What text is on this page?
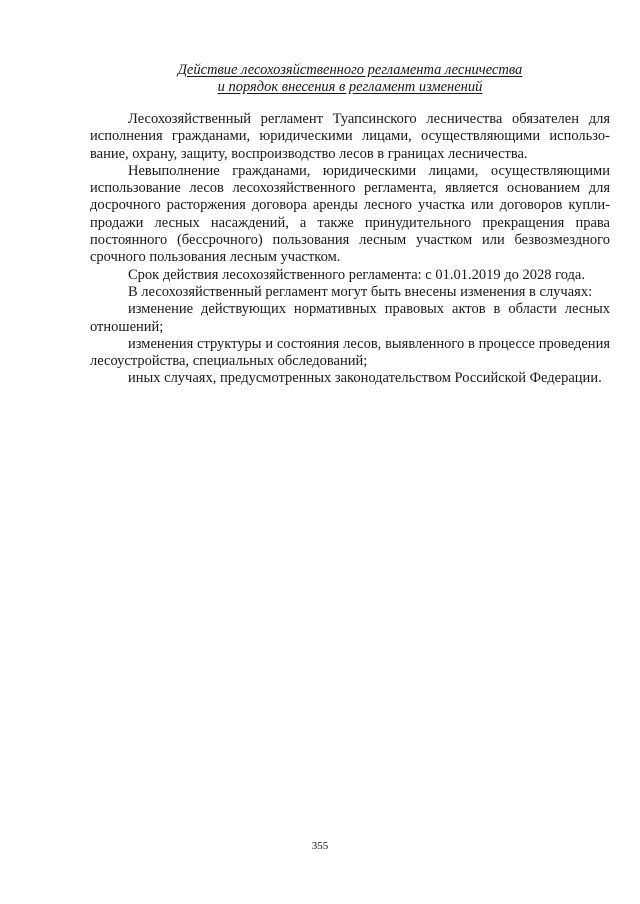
Действие лесохозяйственного регламента лесничества
и порядок внесения в регламент изменений

Лесохозяйственный регламент Туапсинского лесничества обязателен для исполнения гражданами, юридическими лицами, осуществляющими использование, охрану, защиту, воспроизводство лесов в границах лесничества.

Невыполнение гражданами, юридическими лицами, осуществляющими использование лесов лесохозяйственного регламента, является основанием для досрочного расторжения договора аренды лесного участка или договоров купли-продажи лесных насаждений, а также принудительного прекращения права постоянного (бессрочного) пользования лесным участком или безвозмездного срочного пользования лесным участком.

Срок действия лесохозяйственного регламента: с 01.01.2019 до 2028 года.

В лесохозяйственный регламент могут быть внесены изменения в случаях:

изменение действующих нормативных правовых актов в области лесных отношений;

изменения структуры и состояния лесов, выявленного в процессе проведения лесоустройства, специальных обследований;

иных случаях, предусмотренных законодательством Российской Федерации.

355
